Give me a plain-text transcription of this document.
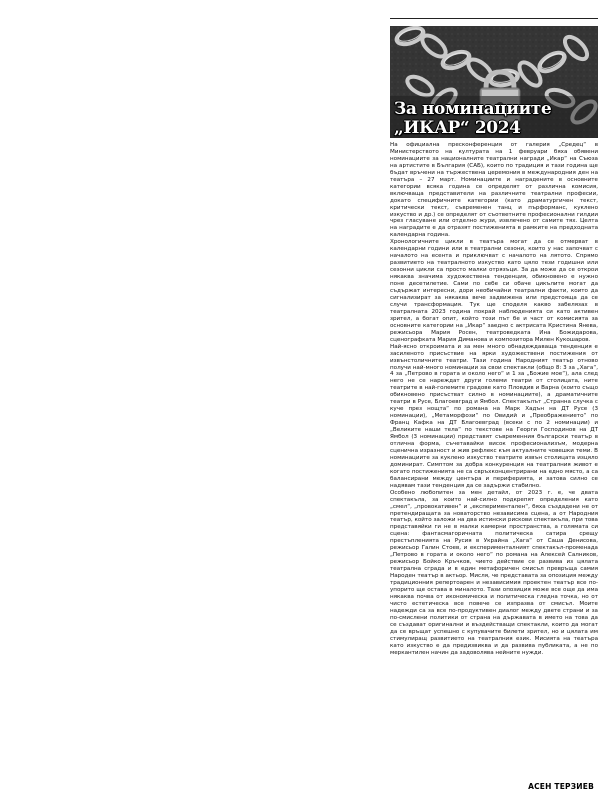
За номинациите
„ИКАР“ 2024

На официална пресконференция от галерия „Средец“ в Министерството на културата на 1 февруари бяха обявени номинациите за националните театрални награди „Икар“ на Съюза на артистите в България (САБ), които по традиция и тази година ще бъдат връчени на тържествена церемония в международния ден на театъра – 27 март. Номинациите и наградените в основните категории всяка година се определят от различна комисия, включваща представители на различните театрални професии, докато специфичните категории (като драматургичен текст, критически текст, съвременен танц и пърформанс, куклено изкуство и др.) се определят от съответните професионални гилдии чрез гласуване или отделно жури, извлечено от самите тях. Целта на наградите е да отразят постиженията в рамките на предходната календарна година.

Хронологичните цикли в театъра могат да се отмерват в календарни години или в театрални сезони, които у нас започват с началото на есента и приключват с началото на лятото. Спрямо развитието на театралното изкуство като цяло тези годишни или сезонни цикли са просто малки отрязъци. За да може да се открои някаква значима художествена тенденция, обикновено е нужно поне десетилетие. Сами по себе си обаче цикълите могат да съдържат интересни, дори необичайни театрални факти, които да сигнализират за някаква вече задвижена или предстояща да се случи трансформация. Тук ще споделя какво забелязах в театралната 2023 година покрай наблюденията си като активен зрител, а богат опит, който този път бе и част от комисията за основните категории на „Икар“ заедно с актрисата Кристина Янева, режисьора Мария Росен, театроведката Ина Божидарова, сценографката Мария Диманова и композитора Милен Кукошаров.

Най-ясно откроимата и за мен много обнадеждаваща тенденция е засиленото присъствие на ярки художествени постижения от извънстоличните театри. Тази година Народният театър отново получи най-много номинации за свои спектакли (общо 8: 3 за „Хага“, 4 за „Петрово в гората и около него“ и 1 за „Божие мое“), ала след него не се нареждат други големи театри от столицата, ните театрите в най-големите градове като Пловдив и Варна (които също обикновено присъстват силно в номинациите), а драматичните театри в Русе, Благоевград и Ямбол. Спектакълът „Странна случка с куче през нощта“ по романа на Марк Хадън на ДТ Русе (3 номинации), „Метаморфози“ по Овидий и „Преображението“ по Франц Кафка на ДТ Благоевград (всеки с по 2 номинации) и „Великите наши тела“ по текстове на Георги Господинов на ДТ Ямбол (3 номинации) представят съвременния български театър в отлична форма, съчетавайки висок професионализъм, модерна сценична изразност и жив рефлекс към актуалните човешки теми. В номинациите за куклено изкуство театрите извън столицата изцяло доминират. Симптом за добра конкуренция на театралния живот е когато постиженията не са свръхконцентрирани на едно място, а са балансирани между центъра и периферията, и затова силно се надявам тази тенденция да се задържи стабилно.

Особено любопитен за мен детайл, от 2023 г. е, че двата спектакъла, за които най-силно подкрепят определения като „смел“, „провокативен“ и „експериментален“, бяха създадени не от претендиращата за новаторство независима сцена, а от Народния театър, който заложи на два истински рискови спектакъла, при това представяйки ги не в малки камерни пространства, а голямата си сцена: фантасмагоричната политическа сатира срещу престъпленията на Русия в Украйна „Хага“ от Саша Денисова, режисьор Галин Стоев, и експерименталният спектакъл-променада „Петрово в гората и около него“ по романа на Алексей Салников, режисьор Бойко Кръчков, чието действие се развива из цялата театрална сграда и в един метафоричен смисъл превръща самия Народен театър в актьор. Мисля, че представата за опозиция между традиционния репертоарен и независимия проектен театър все по-упорито ще остава в миналото. Тази опозиция може все още да има някаква почва от икономическа и политическа гледна точка, но от чисто естетическа все повече се изпразва от смисъл. Моите надежди са за все по-продуктивен диалог между двете страни и за по-смислени политики от страна на държавата в името на това да се създават оригинални и въздействащи спектакли, които да могат да се връщат успешно с купувачите билети зрител, но и цялата им стимулиращ развитието на театралния език. Мисията на театъра като изкуство е да предизвиква и да развива публиката, а не по меркантилен начин да задоволява нейните нужди.

АСЕН ТЕРЗИЕВ
